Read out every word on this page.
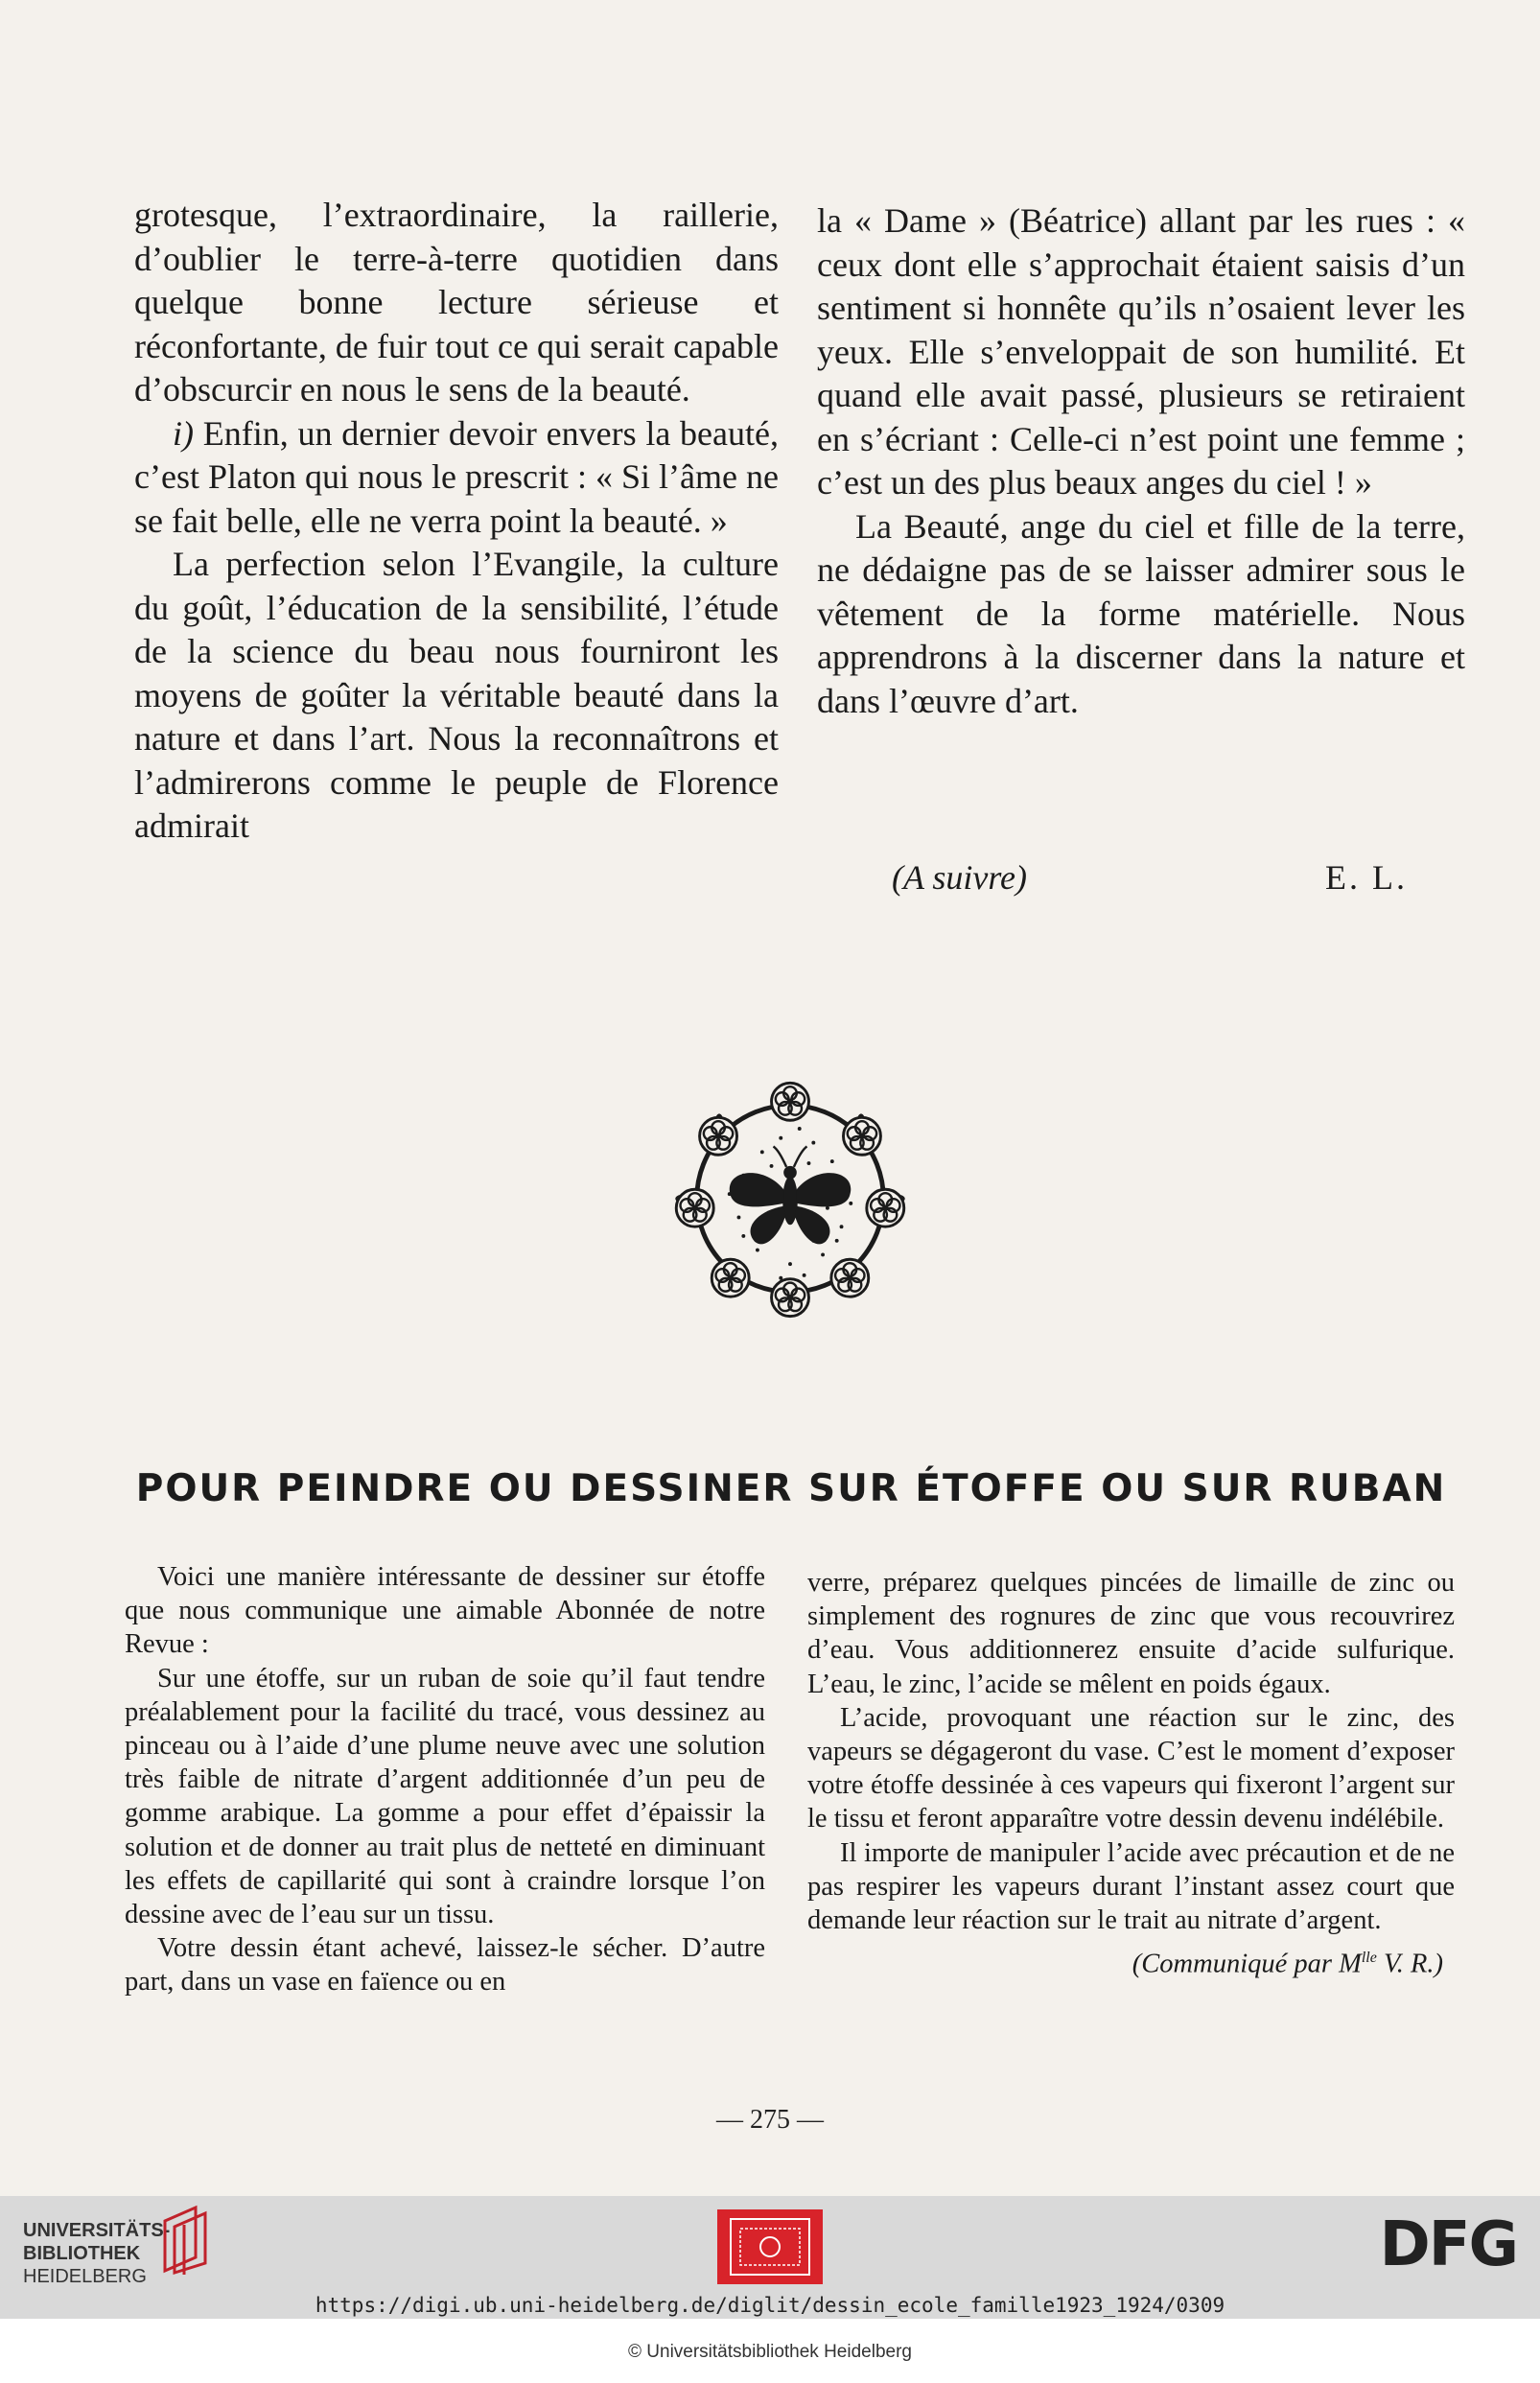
grotesque, l’extraordinaire, la raillerie, d’oublier le terre-à-terre quotidien dans quelque bonne lecture sérieuse et réconfortante, de fuir tout ce qui serait capable d’obscurcir en nous le sens de la beauté.

i) Enfin, un dernier devoir envers la beauté, c’est Platon qui nous le prescrit : « Si l’âme ne se fait belle, elle ne verra point la beauté. »

La perfection selon l’Evangile, la culture du goût, l’éducation de la sensibilité, l’étude de la science du beau nous fourniront les moyens de goûter la véritable beauté dans la nature et dans l’art. Nous la reconnaîtrons et l’admirerons comme le peuple de Florence admirait

la « Dame » (Béatrice) allant par les rues : « ceux dont elle s’approchait étaient saisis d’un sentiment si honnête qu’ils n’osaient lever les yeux. Elle s’enveloppait de son humilité. Et quand elle avait passé, plusieurs se retiraient en s’écriant : Celle-ci n’est point une femme ; c’est un des plus beaux anges du ciel ! »

La Beauté, ange du ciel et fille de la terre, ne dédaigne pas de se laisser admirer sous le vêtement de la forme matérielle. Nous apprendrons à la discerner dans la nature et dans l’œuvre d’art.

(A suivre)	E. L.
POUR PEINDRE OU DESSINER SUR ÉTOFFE OU SUR RUBAN

Voici une manière intéressante de dessiner sur étoffe que nous communique une aimable Abonnée de notre Revue :

Sur une étoffe, sur un ruban de soie qu’il faut tendre préalablement pour la facilité du tracé, vous dessinez au pinceau ou à l’aide d’une plume neuve avec une solution très faible de nitrate d’argent additionnée d’un peu de gomme arabique. La gomme a pour effet d’épaissir la solution et de donner au trait plus de netteté en diminuant les effets de capillarité qui sont à craindre lorsque l’on dessine avec de l’eau sur un tissu.

Votre dessin étant achevé, laissez-le sécher. D’autre part, dans un vase en faïence ou en

verre, préparez quelques pincées de limaille de zinc ou simplement des rognures de zinc que vous recouvrirez d’eau. Vous additionnerez ensuite d’acide sulfurique. L’eau, le zinc, l’acide se mêlent en poids égaux.

L’acide, provoquant une réaction sur le zinc, des vapeurs se dégageront du vase. C’est le moment d’exposer votre étoffe dessinée à ces vapeurs qui fixeront l’argent sur le tissu et feront apparaître votre dessin devenu indélébile.

Il importe de manipuler l’acide avec précaution et de ne pas respirer les vapeurs durant l’instant assez court que demande leur réaction sur le trait au nitrate d’argent.

(Communiqué par $M^{lle}$ V. R.)

— 275 —
UNIVERSITÄTS-
BIBLIOTHEK
HEIDELBERG	DFG
https://digi.ub.uni-heidelberg.de/diglit/dessin_ecole_famille1923_1924/0309
© Universitätsbibliothek Heidelberg
